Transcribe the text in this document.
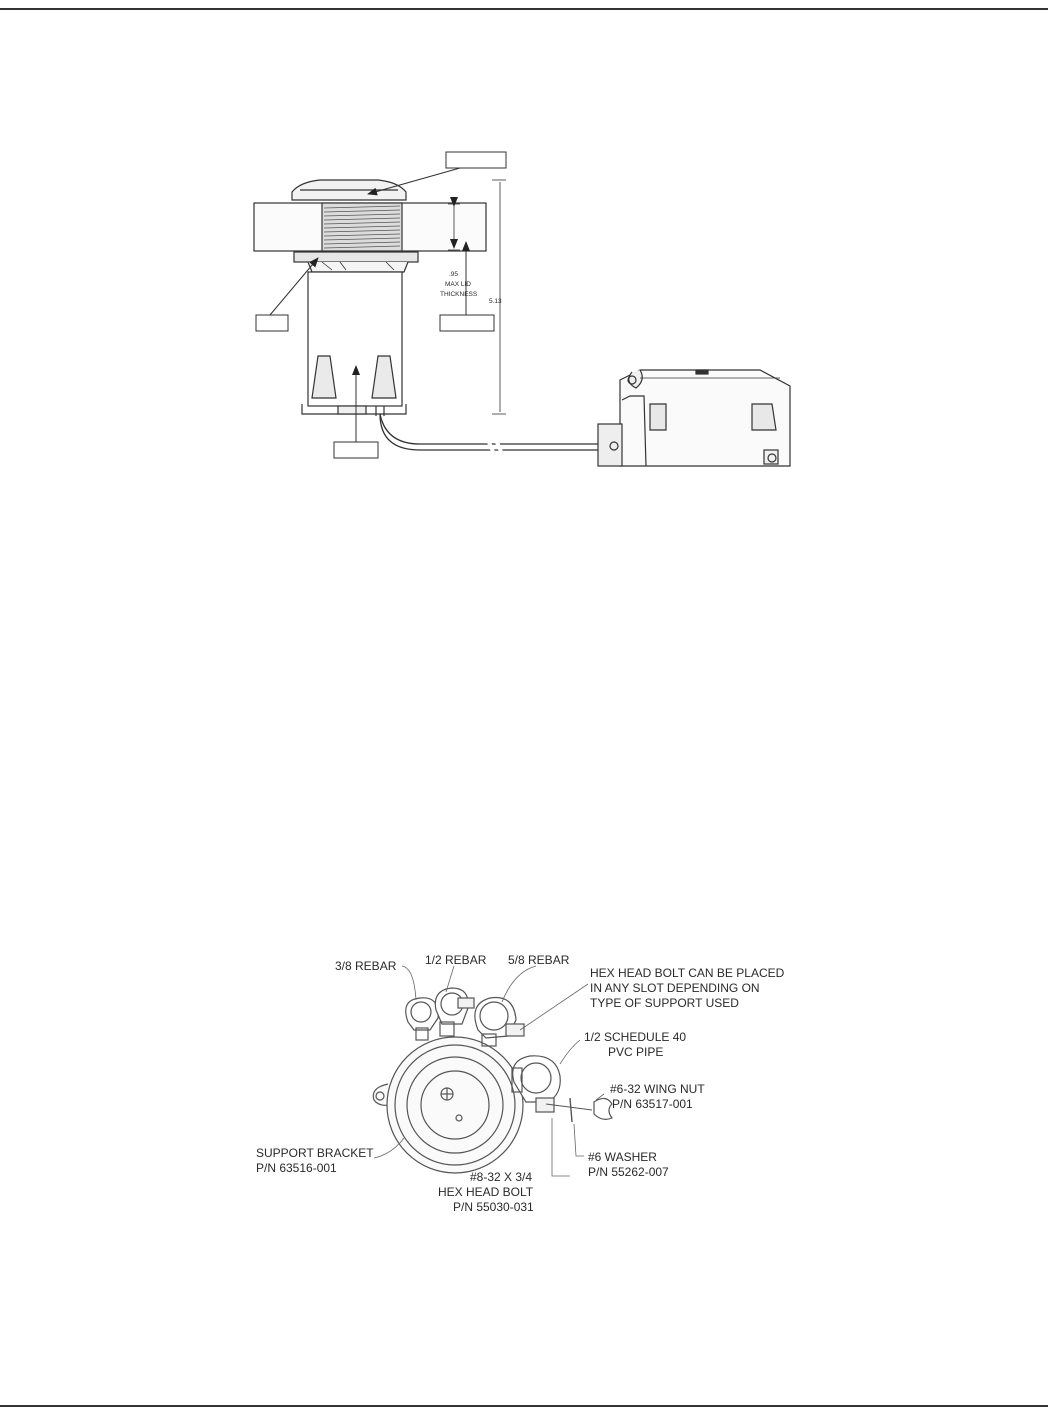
.95
MAX LID
THICKNESS
5.13
3/8 REBAR 1/2 REBAR 5/8 REBAR
HEX HEAD BOLT CAN BE PLACED
IN ANY SLOT DEPENDING ON
TYPE OF SUPPORT USED
1/2 SCHEDULE 40
PVC PIPE
#6-32 WING NUT
P/N 63517-001
SUPPORT BRACKET
P/N 63516-001
#6 WASHER
P/N 55262-007
#8-32 X 3/4
HEX HEAD BOLT
P/N 55030-031
